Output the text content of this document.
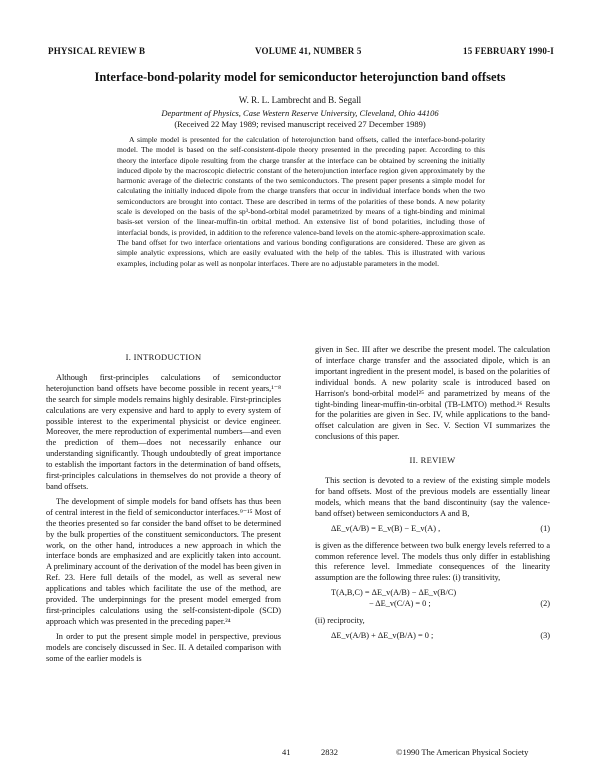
PHYSICAL REVIEW B	VOLUME 41, NUMBER 5	15 FEBRUARY 1990-I
Interface-bond-polarity model for semiconductor heterojunction band offsets
W. R. L. Lambrecht and B. Segall
Department of Physics, Case Western Reserve University, Cleveland, Ohio 44106
(Received 22 May 1989; revised manuscript received 27 December 1989)

A simple model is presented for the calculation of heterojunction band offsets, called the interface-bond-polarity model. The model is based on the self-consistent-dipole theory presented in the preceding paper. According to this theory the interface dipole resulting from the charge transfer at the interface can be obtained by screening the initially induced dipole by the macroscopic dielectric constant of the heterojunction interface region given approximately by the harmonic average of the dielectric constants of the two semiconductors. The present paper presents a simple model for calculating the initially induced dipole from the charge transfers that occur in individual interface bonds when the two semiconductors are brought into contact. These are described in terms of the polarities of these bonds. A new polarity scale is developed on the basis of the sp³-bond-orbital model parametrized by means of a tight-binding and minimal basis-set version of the linear-muffin-tin orbital method. An extensive list of bond polarities, including those of interfacial bonds, is provided, in addition to the reference valence-band levels on the atomic-sphere-approximation scale. The band offset for two interface orientations and various bonding configurations are considered. These are given as simple analytic expressions, which are easily evaluated with the help of the tables. This is illustrated with various examples, including polar as well as nonpolar interfaces. There are no adjustable parameters in the model.

I. INTRODUCTION

Although first-principles calculations of semiconductor heterojunction band offsets have become possible in recent years,¹⁻⁸ the search for simple models remains highly desirable. First-principles calculations are very expensive and hard to apply to every system of possible interest to the experimental physicist or device engineer. Moreover, the mere reproduction of experimental numbers—and even the prediction of them—does not necessarily enhance our understanding significantly. Though undoubtedly of great importance to establish the important factors in the determination of band offsets, first-principles calculations in themselves do not provide a theory of band offsets.

The development of simple models for band offsets has thus been of central interest in the field of semiconductor interfaces.⁹⁻¹⁵ Most of the theories presented so far consider the band offset to be determined by the bulk properties of the constituent semiconductors. The present work, on the other hand, introduces a new approach in which the interface bonds are emphasized and are explicitly taken into account. A preliminary account of the derivation of the model has been given in Ref. 23. Here full details of the model, as well as several new applications and tables which facilitate the use of the method, are provided. The underpinnings for the present model emerged from first-principles calculations using the self-consistent-dipole (SCD) approach which was presented in the preceding paper.²⁴

In order to put the present simple model in perspective, previous models are concisely discussed in Sec. II. A detailed comparison with some of the earlier models is

given in Sec. III after we describe the present model. The calculation of interface charge transfer and the associated dipole, which is an important ingredient in the present model, is based on the polarities of individual bonds. A new polarity scale is introduced based on Harrison's bond-orbital model²⁵ and parametrized by means of the tight-binding linear-muffin-tin-orbital (TB-LMTO) method.²⁶ Results for the polarities are given in Sec. IV, while applications to the band-offset calculation are given in Sec. V. Section VI summarizes the conclusions of this paper.

II. REVIEW

This section is devoted to a review of the existing simple models for band offsets. Most of the previous models are essentially linear models, which means that the band discontinuity (say the valence-band offset) between semiconductors A and B,

ΔE_v(A/B) = E_v(B) − E_v(A) ,	(1)

is given as the difference between two bulk energy levels referred to a common reference level. The models thus only differ in establishing this reference level. Immediate consequences of the linearity assumption are the following three rules: (i) transitivity,

T(A,B,C) = ΔE_v(A/B) − ΔE_v(B/C)
− ΔE_v(C/A) = 0 ;	(2)

(ii) reciprocity,

ΔE_v(A/B) + ΔE_v(B/A) = 0 ;	(3)
41	2832	©1990 The American Physical Society
